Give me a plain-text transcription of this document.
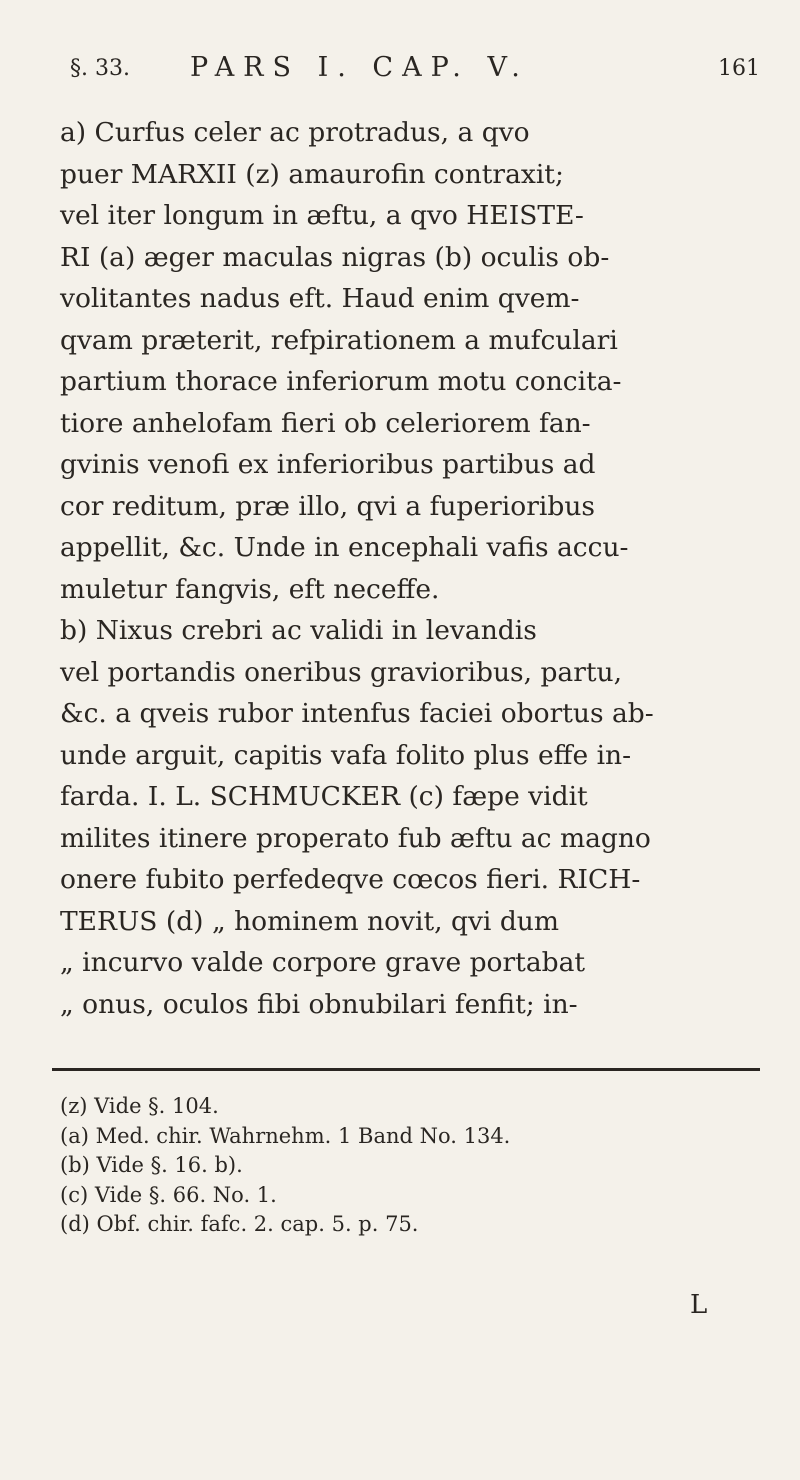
§. 33. PARS I. CAP. V.	161
a) Curfus celer ac protradus, a qvo
puer MARXII (z) amaurofin contraxit;
vel iter longum in æftu, a qvo HEISTE-
RI (a) æger maculas nigras (b) oculis ob-
volitantes nadus eft. Haud enim qvem-
qvam præterit, refpirationem a mufculari
partium thorace inferiorum motu concita-
tiore anhelofam fieri ob celeriorem fan-
gvinis venofi ex inferioribus partibus ad
cor reditum, præ illo, qvi a fuperioribus
appellit, &c. Unde in encephali vafis accu-
muletur fangvis, eft neceffe.
b) Nixus crebri ac validi in levandis
vel portandis oneribus gravioribus, partu,
&c. a qveis rubor intenfus faciei obortus ab-
unde arguit, capitis vafa folito plus effe in-
farda. I. L. SCHMUCKER (c) fæpe vidit
milites itinere properato fub æftu ac magno
onere fubito perfedeqve cœcos fieri. RICH-
TERUS (d) „ hominem novit, qvi dum
„ incurvo valde corpore grave portabat
„ onus, oculos fibi obnubilari fenfit; in-
(z) Vide §. 104.
(a) Med. chir. Wahrnehm. 1 Band No. 134.
(b) Vide §. 16. b).
(c) Vide §. 66. No. 1.
(d) Obf. chir. fafc. 2. cap. 5. p. 75.
L
